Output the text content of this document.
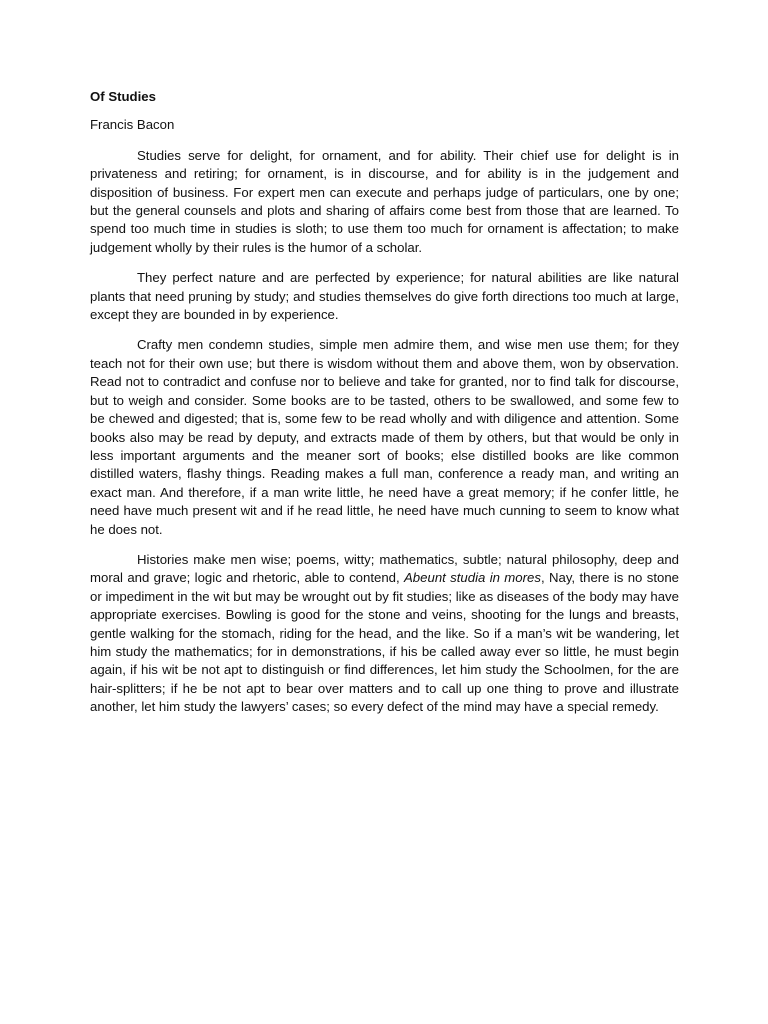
Of Studies
Francis Bacon

Studies serve for delight, for ornament, and for ability. Their chief use for delight is in privateness and retiring; for ornament, is in discourse, and for ability is in the judgement and disposition of business. For expert men can execute and perhaps judge of particulars, one by one; but the general counsels and plots and sharing of affairs come best from those that are learned. To spend too much time in studies is sloth; to use them too much for ornament is affectation; to make judgement wholly by their rules is the humor of a scholar.

They perfect nature and are perfected by experience; for natural abilities are like natural plants that need pruning by study; and studies themselves do give forth directions too much at large, except they are bounded in by experience.

Crafty men condemn studies, simple men admire them, and wise men use them; for they teach not for their own use; but there is wisdom without them and above them, won by observation. Read not to contradict and confuse nor to believe and take for granted, nor to find talk for discourse, but to weigh and consider. Some books are to be tasted, others to be swallowed, and some few to be chewed and digested; that is, some few to be read wholly and with diligence and attention. Some books also may be read by deputy, and extracts made of them by others, but that would be only in less important arguments and the meaner sort of books; else distilled books are like common distilled waters, flashy things. Reading makes a full man, conference a ready man, and writing an exact man. And therefore, if a man write little, he need have a great memory; if he confer little, he need have much present wit and if he read little, he need have much cunning to seem to know what he does not.

Histories make men wise; poems, witty; mathematics, subtle; natural philosophy, deep and moral and grave; logic and rhetoric, able to contend, Abeunt studia in mores, Nay, there is no stone or impediment in the wit but may be wrought out by fit studies; like as diseases of the body may have appropriate exercises. Bowling is good for the stone and veins, shooting for the lungs and breasts, gentle walking for the stomach, riding for the head, and the like. So if a man’s wit be wandering, let him study the mathematics; for in demonstrations, if his be called away ever so little, he must begin again, if his wit be not apt to distinguish or find differences, let him study the Schoolmen, for the are hair-splitters; if he be not apt to bear over matters and to call up one thing to prove and illustrate another, let him study the lawyers’ cases; so every defect of the mind may have a special remedy.
